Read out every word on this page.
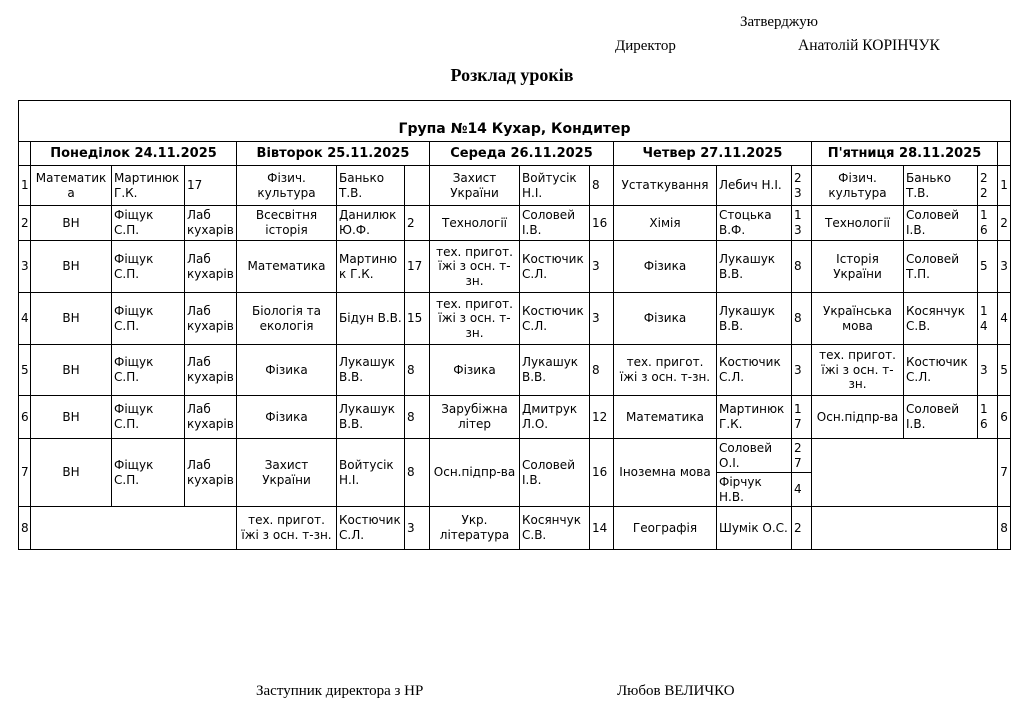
Затверджую
Директор	Анатолій КОРІНЧУК
Розклад уроків
Група №14 Кухар, Кондитер																
	Понеділок 24.11.2025			Вівторок 25.11.2025			Середа 26.11.2025			Четвер 27.11.2025			П'ятниця 28.11.2025			
1	Математика	Мартинюк Г.К.	17	Фізич. культура	Банько Т.В.		Захист України	Войтусік Н.І.	8	Устаткування	Лебич Н.І.	23	Фізич. культура	Банько Т.В.	22	1
2	ВН	Фіщук С.П.	Лаб кухарів	Всесвітня історія	Данилюк Ю.Ф.	2	Технології	Соловей І.В.	16	Хімія	Стоцька В.Ф.	13	Технології	Соловей І.В.	16	2
3	ВН	Фіщук С.П.	Лаб кухарів	Математика	Мартинюк Г.К.	17	тех. пригот. їжі з осн. т-зн.	Костючик С.Л.	3	Фізика	Лукашук В.В.	8	Історія України	Соловей Т.П.	5	3
4	ВН	Фіщук С.П.	Лаб кухарів	Біологія та екологія	Бідун В.В.	15	тех. пригот. їжі з осн. т-зн.	Костючик С.Л.	3	Фізика	Лукашук В.В.	8	Українська мова	Косянчук С.В.	14	4
5	ВН	Фіщук С.П.	Лаб кухарів	Фізика	Лукашук В.В.	8	Фізика	Лукашук В.В.	8	тех. пригот. їжі з осн. т-зн.	Костючик С.Л.	3	тех. пригот. їжі з осн. т-зн.	Костючик С.Л.	3	5
6	ВН	Фіщук С.П.	Лаб кухарів	Фізика	Лукашук В.В.	8	Зарубіжна літер	Дмитрук Л.О.	12	Математика	Мартинюк Г.К.	17	Осн.підпр-ва	Соловей І.В.	16	6
7	ВН	Фіщук С.П.	Лаб кухарів	Захист України	Войтусік Н.І.	8	Осн.підпр-ва	Соловей І.В.	16	Іноземна мова	Соловей О.І.	27				7
											Фірчук Н.В.	4				
8				тех. пригот. їжі з осн. т-зн.	Костючик С.Л.	3	Укр. література	Косянчук С.В.	14	Географія	Шумік О.С.	2				8
Заступник директора з НР	Любов ВЕЛИЧКО
